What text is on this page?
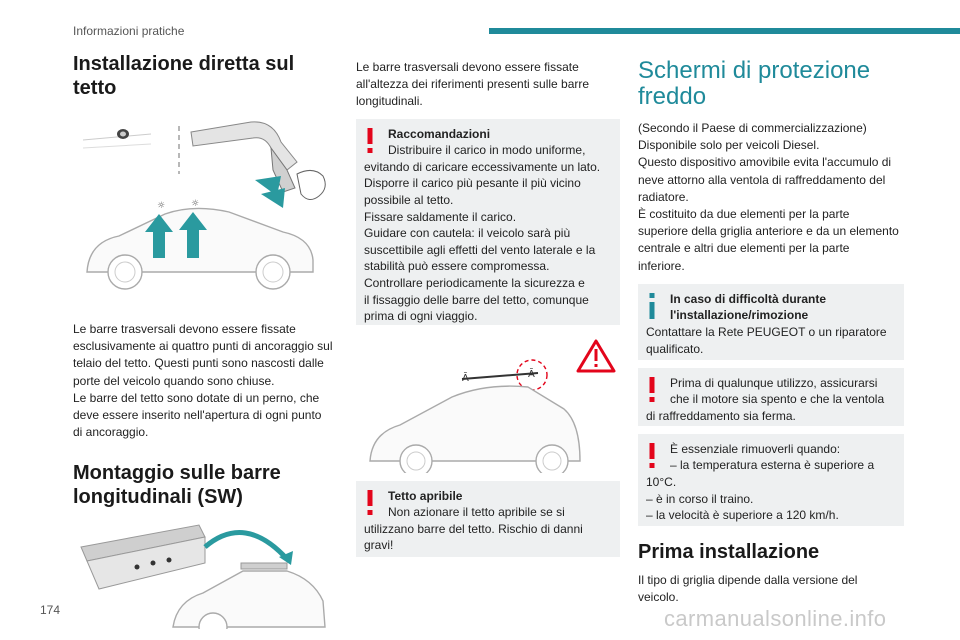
Informazioni pratiche
Installazione diretta sul tetto
☼	☼

Le barre trasversali devono essere fissate

esclusivamente ai quattro punti di ancoraggio sul

telaio del tetto. Questi punti sono nascosti dalle

porte del veicolo quando sono chiuse.

Le barre del tetto sono dotate di un perno, che

deve essere inserito nell'apertura di ogni punto

di ancoraggio.

Montaggio sulle barre
longitudinali (SW)

Le barre trasversali devono essere fissate

all'altezza dei riferimenti presenti sulle barre

longitudinali.

Raccomandazioni

Distribuire il carico in modo uniforme,

evitando di caricare eccessivamente un lato.

Disporre il carico più pesante il più vicino

possibile al tetto.

Fissare saldamente il carico.

Guidare con cautela: il veicolo sarà più

suscettibile agli effetti del vento laterale e la

stabilità può essere compromessa.

Controllare periodicamente la sicurezza e

il fissaggio delle barre del tetto, comunque

prima di ogni viaggio.

Ā	Ā

Tetto apribile

Non azionare il tetto apribile se si

utilizzano barre del tetto. Rischio di danni

gravi!

Schermi di protezione
freddo

(Secondo il Paese di commercializzazione)

Disponibile solo per veicoli Diesel.

Questo dispositivo amovibile evita l'accumulo di

neve attorno alla ventola di raffreddamento del

radiatore.

È costituito da due elementi per la parte

superiore della griglia anteriore e da un elemento

centrale e altri due elementi per la parte

inferiore.

In caso di difficoltà durante

l'installazione/rimozione

Contattare la Rete PEUGEOT o un riparatore

qualificato.

Prima di qualunque utilizzo, assicurarsi

che il motore sia spento e che la ventola

di raffreddamento sia ferma.

È essenziale rimuoverli quando:

– la temperatura esterna è superiore a

10°C.

– è in corso il traino.

– la velocità è superiore a 120 km/h.

Prima installazione

Il tipo di griglia dipende dalla versione del

veicolo.

174	carmanualsonline.info
